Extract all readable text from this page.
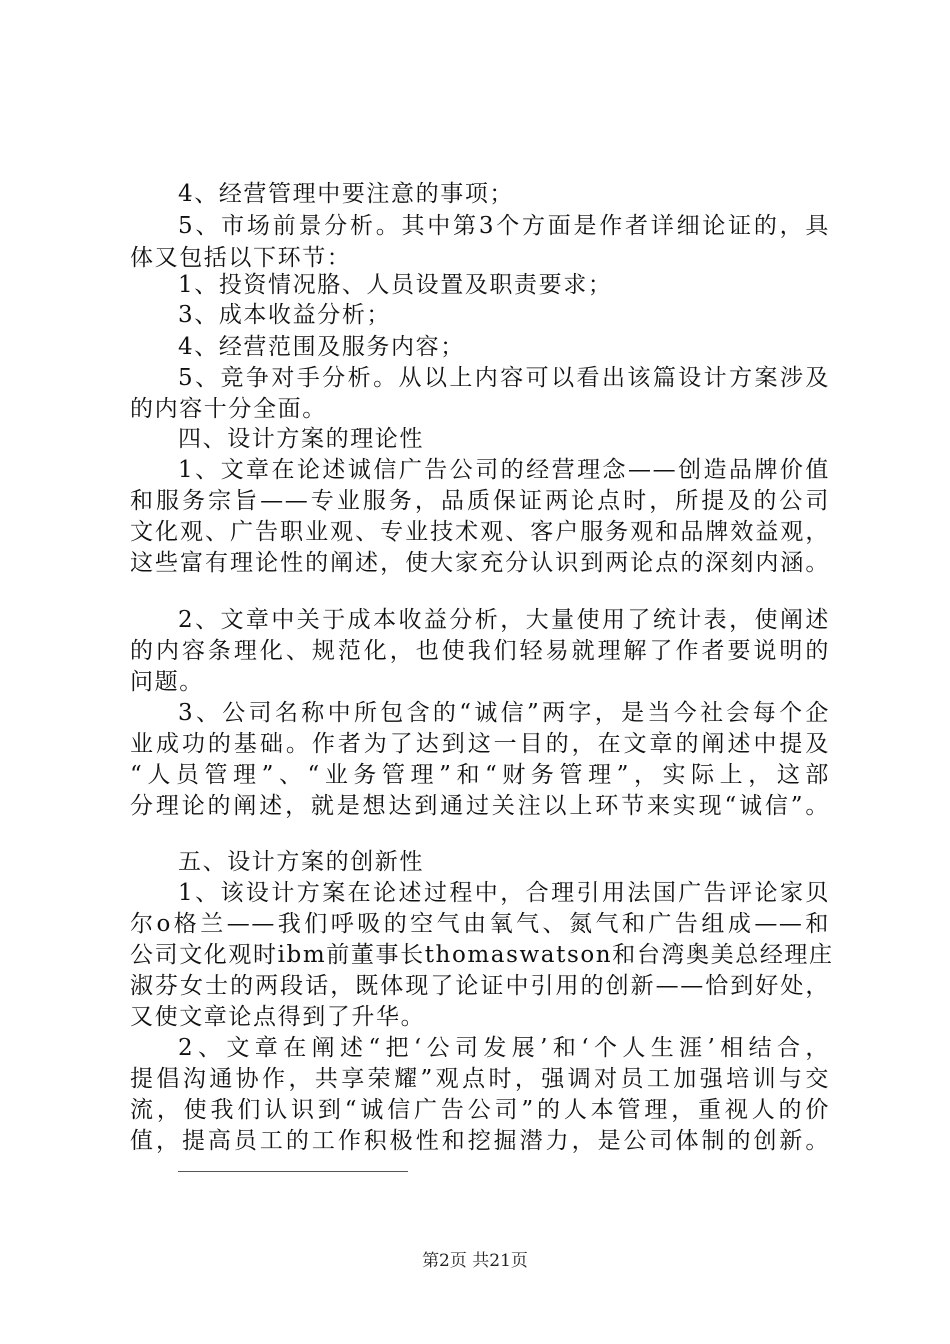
4、经营管理中要注意的事项；
5、市场前景分析。其中第3个方面是作者详细论证的，具
体又包括以下环节：
1、投资情况胳、人员设置及职责要求；
3、成本收益分析；
4、经营范围及服务内容；
5、竞争对手分析。从以上内容可以看出该篇设计方案涉及
的内容十分全面。
四、设计方案的理论性
1、文章在论述诚信广告公司的经营理念——创造品牌价值
和服务宗旨——专业服务，品质保证两论点时，所提及的公司
文化观、广告职业观、专业技术观、客户服务观和品牌效益观，
这些富有理论性的阐述，使大家充分认识到两论点的深刻内涵。
2、文章中关于成本收益分析，大量使用了统计表，使阐述
的内容条理化、规范化，也使我们轻易就理解了作者要说明的
问题。
3、公司名称中所包含的“诚信”两字，是当今社会每个企
业成功的基础。作者为了达到这一目的，在文章的阐述中提及
“人员管理”、“业务管理”和“财务管理”，实际上，这部
分理论的阐述，就是想达到通过关注以上环节来实现“诚信”。
五、设计方案的创新性
1、该设计方案在论述过程中，合理引用法国广告评论家贝
尔o格兰——我们呼吸的空气由氧气、氮气和广告组成——和
公司文化观时ibm前董事长thomaswatson和台湾奥美总经理庄
淑芬女士的两段话，既体现了论证中引用的创新——恰到好处，
又使文章论点得到了升华。
2、文章在阐述“把‘公司发展’和‘个人生涯’相结合，
提倡沟通协作，共享荣耀”观点时，强调对员工加强培训与交
流，使我们认识到“诚信广告公司”的人本管理，重视人的价
值，提高员工的工作积极性和挖掘潜力，是公司体制的创新。
第2页 共21页
